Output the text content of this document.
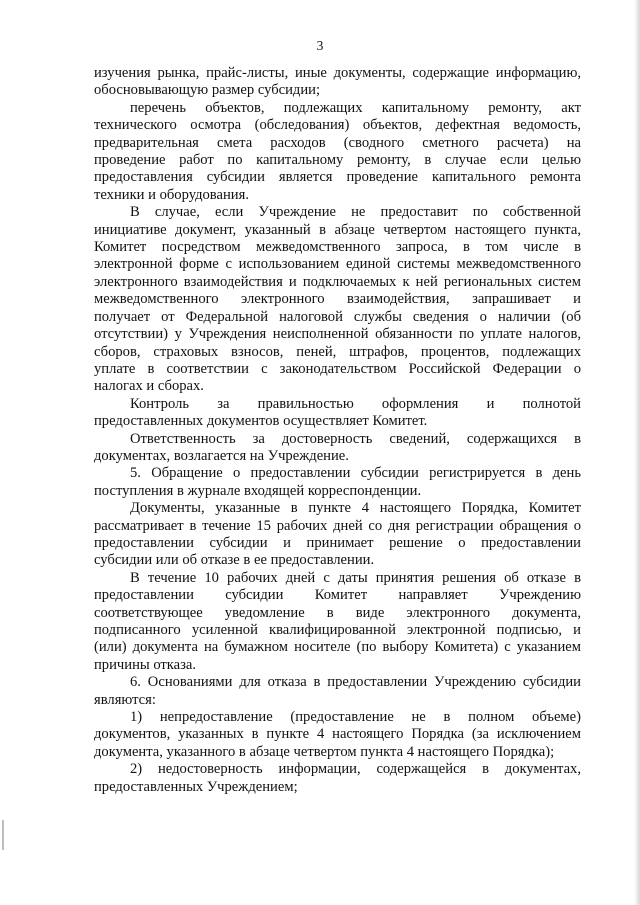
3
изучения рынка, прайс-листы, иные документы, содержащие информацию,
обосновывающую размер субсидии;
перечень объектов, подлежащих капитальному ремонту, акт
технического осмотра (обследования) объектов, дефектная ведомость,
предварительная смета расходов (сводного сметного расчета) на
проведение работ по капитальному ремонту, в случае если целью
предоставления субсидии является проведение капитального ремонта
техники и оборудования.
В случае, если Учреждение не предоставит по собственной
инициативе документ, указанный в абзаце четвертом настоящего пункта,
Комитет посредством межведомственного запроса, в том числе в
электронной форме с использованием единой системы межведомственного
электронного взаимодействия и подключаемых к ней региональных систем
межведомственного электронного взаимодействия, запрашивает и
получает от Федеральной налоговой службы сведения о наличии (об
отсутствии) у Учреждения неисполненной обязанности по уплате налогов,
сборов, страховых взносов, пеней, штрафов, процентов, подлежащих
уплате в соответствии с законодательством Российской Федерации о
налогах и сборах.
Контроль за правильностью оформления и полнотой
предоставленных документов осуществляет Комитет.
Ответственность за достоверность сведений, содержащихся в
документах, возлагается на Учреждение.
5. Обращение о предоставлении субсидии регистрируется в день
поступления в журнале входящей корреспонденции.
Документы, указанные в пункте 4 настоящего Порядка, Комитет
рассматривает в течение 15 рабочих дней со дня регистрации обращения о
предоставлении субсидии и принимает решение о предоставлении
субсидии или об отказе в ее предоставлении.
В течение 10 рабочих дней с даты принятия решения об отказе в
предоставлении субсидии Комитет направляет Учреждению
соответствующее уведомление в виде электронного документа,
подписанного усиленной квалифицированной электронной подписью, и
(или) документа на бумажном носителе (по выбору Комитета) с указанием
причины отказа.
6. Основаниями для отказа в предоставлении Учреждению субсидии
являются:
1) непредоставление (предоставление не в полном объеме)
документов, указанных в пункте 4 настоящего Порядка (за исключением
документа, указанного в абзаце четвертом пункта 4 настоящего Порядка);
2) недостоверность информации, содержащейся в документах,
предоставленных Учреждением;
